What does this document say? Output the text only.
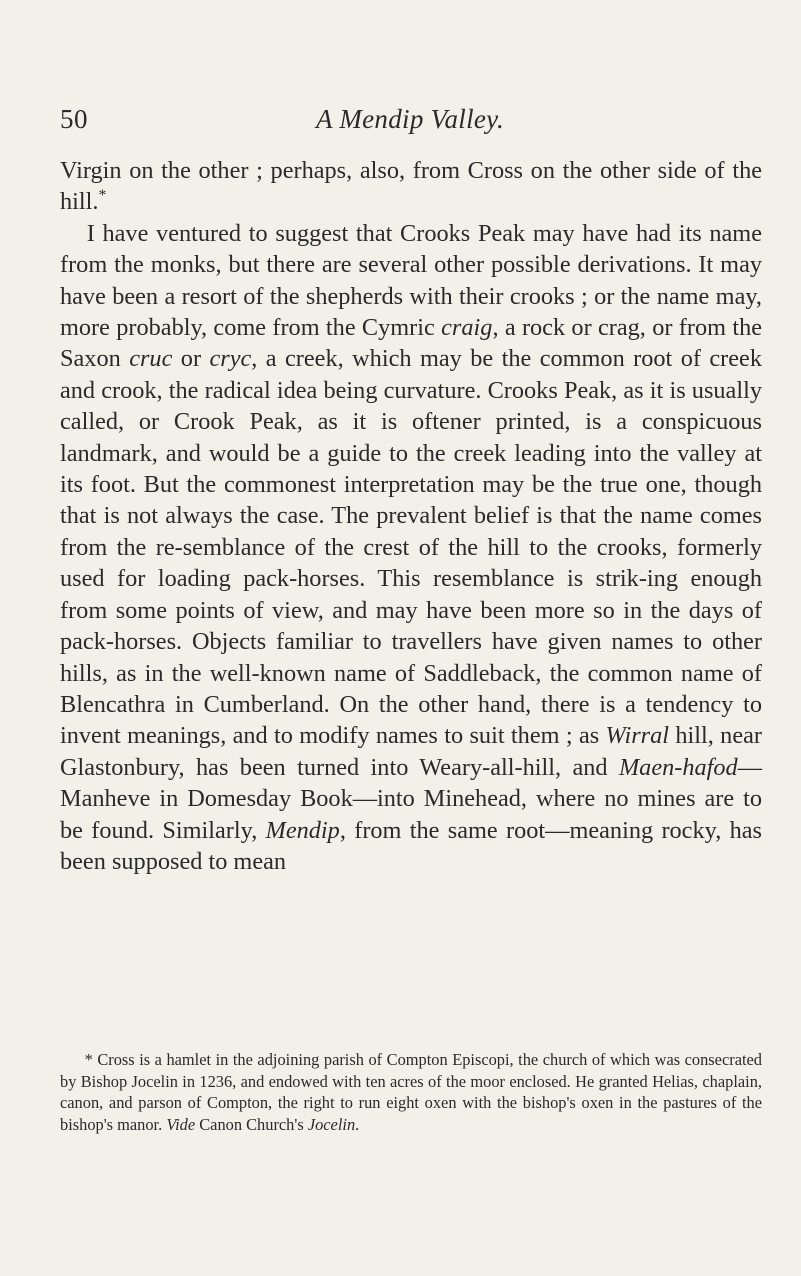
50	A Mendip Valley.

Virgin on the other ; perhaps, also, from Cross on the other side of the hill.*

I have ventured to suggest that Crooks Peak may have had its name from the monks, but there are several other possible derivations. It may have been a resort of the shepherds with their crooks ; or the name may, more probably, come from the Cymric craig, a rock or crag, or from the Saxon cruc or cryc, a creek, which may be the common root of creek and crook, the radical idea being curvature. Crooks Peak, as it is usually called, or Crook Peak, as it is oftener printed, is a conspicuous landmark, and would be a guide to the creek leading into the valley at its foot. But the commonest interpretation may be the true one, though that is not always the case. The prevalent belief is that the name comes from the re-semblance of the crest of the hill to the crooks, formerly used for loading pack-horses. This resemblance is strik-ing enough from some points of view, and may have been more so in the days of pack-horses. Objects familiar to travellers have given names to other hills, as in the well-known name of Saddleback, the common name of Blencathra in Cumberland. On the other hand, there is a tendency to invent meanings, and to modify names to suit them ; as Wirral hill, near Glastonbury, has been turned into Weary-all-hill, and Maen-hafod— Manheve in Domesday Book—into Minehead, where no mines are to be found. Similarly, Mendip, from the same root—meaning rocky, has been supposed to mean

* Cross is a hamlet in the adjoining parish of Compton Episcopi, the church of which was consecrated by Bishop Jocelin in 1236, and endowed with ten acres of the moor enclosed. He granted Helias, chaplain, canon, and parson of Compton, the right to run eight oxen with the bishop's oxen in the pastures of the bishop's manor. Vide Canon Church's Jocelin.
